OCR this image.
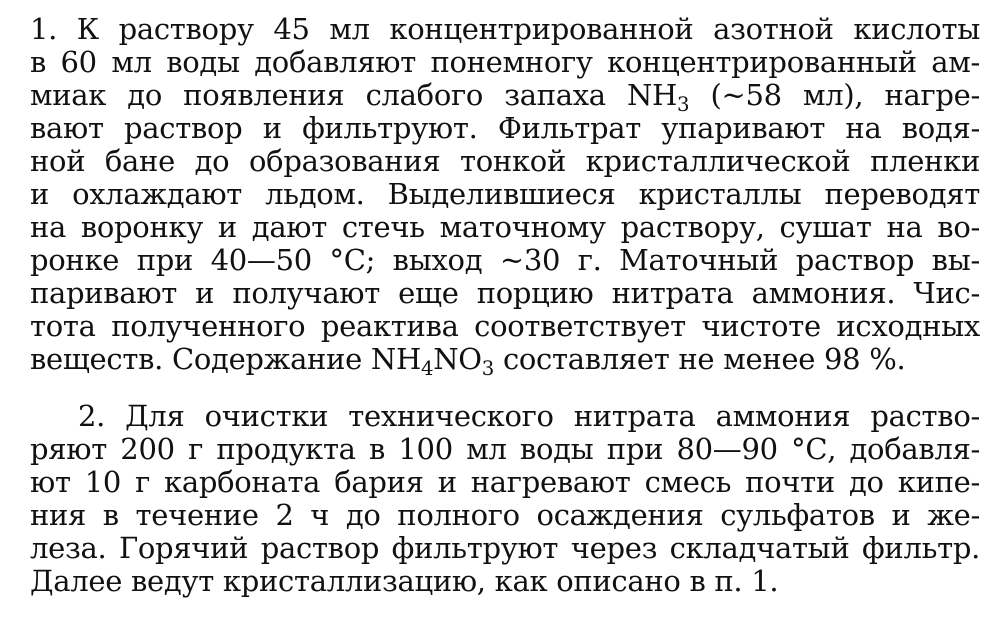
1. К раствору 45 мл концентрированной азотной кислоты
в 60 мл воды добавляют понемногу концентрированный ам-
миак до появления слабого запаха $NH_3$ (~58 мл), нагре-
вают раствор и фильтруют. Фильтрат упаривают на водя-
ной бане до образования тонкой кристаллической пленки
и охлаждают льдом. Выделившиеся кристаллы переводят
на воронку и дают стечь маточному раствору, сушат на во-
ронке при 40—50 °С; выход ~30 г. Маточный раствор вы-
паривают и получают еще порцию нитрата аммония. Чис-
тота полученного реактива соответствует чистоте исходных
веществ. Содержание $NH_4NO_3$ составляет не менее 98 %.
2. Для очистки технического нитрата аммония раство-
ряют 200 г продукта в 100 мл воды при 80—90 °С, добавля-
ют 10 г карбоната бария и нагревают смесь почти до кипе-
ния в течение 2 ч до полного осаждения сульфатов и же-
леза. Горячий раствор фильтруют через складчатый фильтр.
Далее ведут кристаллизацию, как описано в п. 1.
